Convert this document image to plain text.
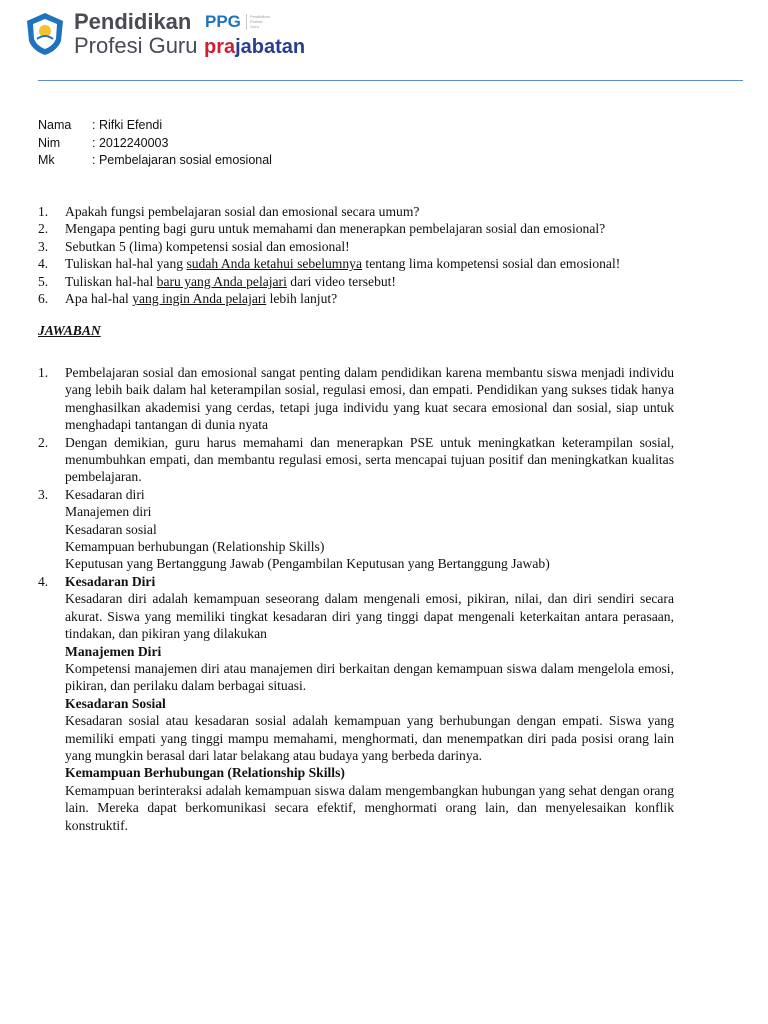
Pendidikan
Profesi Guru
PPG Pendidikan
Profesi
Guru
prajabatan
Nama	: Rifki Efendi
Nim	: 2012240003
Mk	: Pembelajaran sosial emosional
1.	Apakah fungsi pembelajaran sosial dan emosional secara umum?
2.	Mengapa penting bagi guru untuk memahami dan menerapkan pembelajaran sosial dan emosional?
3.	Sebutkan 5 (lima) kompetensi sosial dan emosional!
4.	Tuliskan hal-hal yang sudah Anda ketahui sebelumnya tentang lima kompetensi sosial dan emosional!
5.	Tuliskan hal-hal baru yang Anda pelajari dari video tersebut!
6.	Apa hal-hal yang ingin Anda pelajari lebih lanjut?
JAWABAN
1.	Pembelajaran sosial dan emosional sangat penting dalam pendidikan karena membantu siswa menjadi individu yang lebih baik dalam hal keterampilan sosial, regulasi emosi, dan empati. Pendidikan yang sukses tidak hanya menghasilkan akademisi yang cerdas, tetapi juga individu yang kuat secara emosional dan sosial, siap untuk menghadapi tantangan di dunia nyata
2.	Dengan demikian, guru harus memahami dan menerapkan PSE untuk meningkatkan keterampilan sosial, menumbuhkan empati, dan membantu regulasi emosi, serta mencapai tujuan positif dan meningkatkan kualitas pembelajaran.
3.	Kesadaran diri
Manajemen diri
Kesadaran sosial
Kemampuan berhubungan (Relationship Skills)
Keputusan yang Bertanggung Jawab (Pengambilan Keputusan yang Bertanggung Jawab)
4.	Kesadaran Diri

Kesadaran diri adalah kemampuan seseorang dalam mengenali emosi, pikiran, nilai, dan diri sendiri secara akurat. Siswa yang memiliki tingkat kesadaran diri yang tinggi dapat mengenali keterkaitan antara perasaan, tindakan, dan pikiran yang dilakukan

Manajemen Diri

Kompetensi manajemen diri atau manajemen diri berkaitan dengan kemampuan siswa dalam mengelola emosi, pikiran, dan perilaku dalam berbagai situasi.

Kesadaran Sosial

Kesadaran sosial atau kesadaran sosial adalah kemampuan yang berhubungan dengan empati. Siswa yang memiliki empati yang tinggi mampu memahami, menghormati, dan menempatkan diri pada posisi orang lain yang mungkin berasal dari latar belakang atau budaya yang berbeda darinya.

Kemampuan Berhubungan (Relationship Skills)

Kemampuan berinteraksi adalah kemampuan siswa dalam mengembangkan hubungan yang sehat dengan orang lain. Mereka dapat berkomunikasi secara efektif, menghormati orang lain, dan menyelesaikan konflik konstruktif.
